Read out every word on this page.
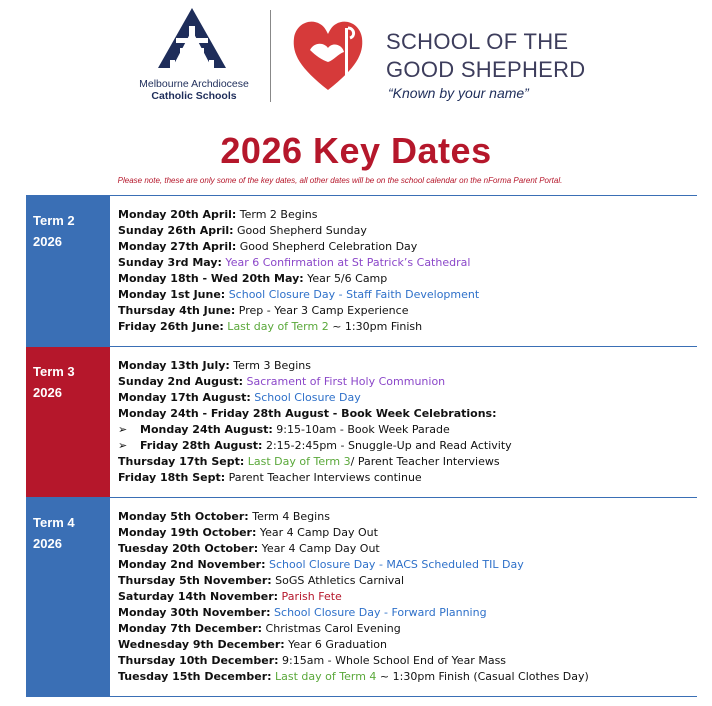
Melbourne Archdiocese
Catholic Schools
SCHOOL OF THE
GOOD SHEPHERD
“Known by your name”
2026 Key Dates
Please note, these are only some of the key dates, all other dates will be on the school calendar on the nForma Parent Portal.
Term 2
2026
Monday 20th April: Term 2 Begins
Sunday 26th April: Good Shepherd Sunday
Monday 27th April: Good Shepherd Celebration Day
Sunday 3rd May: Year 6 Confirmation at St Patrick’s Cathedral
Monday 18th - Wed 20th May: Year 5/6 Camp
Monday 1st June: School Closure Day - Staff Faith Development
Thursday 4th June: Prep - Year 3 Camp Experience
Friday 26th June: Last day of Term 2 ~ 1:30pm Finish
Term 3
2026
Monday 13th July: Term 3 Begins
Sunday 2nd August: Sacrament of First Holy Communion
Monday 17th August: School Closure Day
Monday 24th - Friday 28th August - Book Week Celebrations:
➢ Monday 24th August: 9:15-10am - Book Week Parade
➢ Friday 28th August: 2:15-2:45pm - Snuggle-Up and Read Activity
Thursday 17th Sept: Last Day of Term 3/ Parent Teacher Interviews
Friday 18th Sept: Parent Teacher Interviews continue
Term 4
2026
Monday 5th October: Term 4 Begins
Monday 19th October: Year 4 Camp Day Out
Tuesday 20th October: Year 4 Camp Day Out
Monday 2nd November: School Closure Day - MACS Scheduled TIL Day
Thursday 5th November: SoGS Athletics Carnival
Saturday 14th November: Parish Fete
Monday 30th November: School Closure Day - Forward Planning
Monday 7th December: Christmas Carol Evening
Wednesday 9th December: Year 6 Graduation
Thursday 10th December: 9:15am - Whole School End of Year Mass
Tuesday 15th December: Last day of Term 4 ~ 1:30pm Finish (Casual Clothes Day)
